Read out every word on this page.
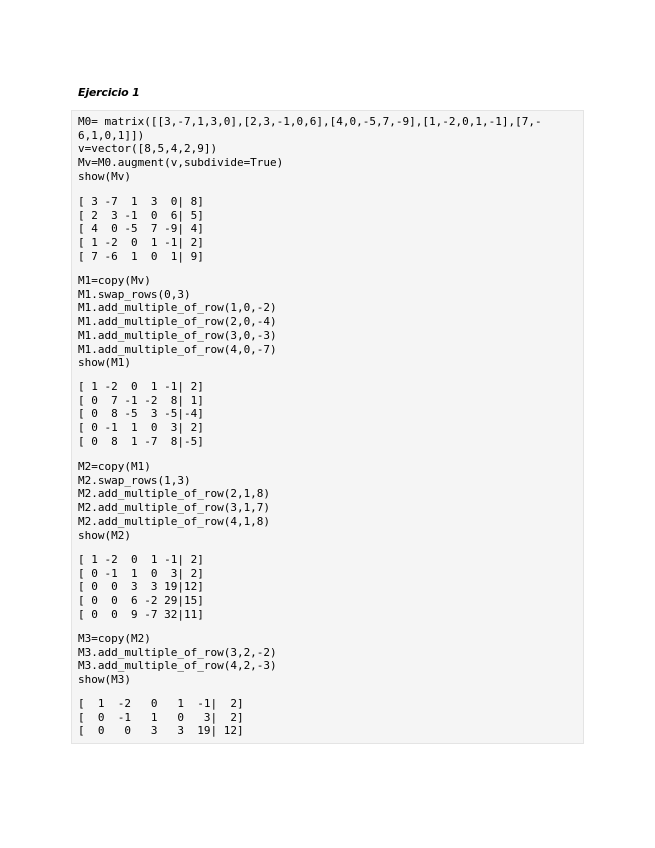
Ejercicio 1
M0= matrix([[3,-7,1,3,0],[2,3,-1,0,6],[4,0,-5,7,-9],[1,-2,0,1,-1],[7,-
6,1,0,1]])
v=vector([8,5,4,2,9])
Mv=M0.augment(v,subdivide=True)
show(Mv)
[ 3 -7  1  3  0| 8]
[ 2  3 -1  0  6| 5]
[ 4  0 -5  7 -9| 4]
[ 1 -2  0  1 -1| 2]
[ 7 -6  1  0  1| 9]
M1=copy(Mv)
M1.swap_rows(0,3)
M1.add_multiple_of_row(1,0,-2)
M1.add_multiple_of_row(2,0,-4)
M1.add_multiple_of_row(3,0,-3)
M1.add_multiple_of_row(4,0,-7)
show(M1)
[ 1 -2  0  1 -1| 2]
[ 0  7 -1 -2  8| 1]
[ 0  8 -5  3 -5|-4]
[ 0 -1  1  0  3| 2]
[ 0  8  1 -7  8|-5]
M2=copy(M1)
M2.swap_rows(1,3)
M2.add_multiple_of_row(2,1,8)
M2.add_multiple_of_row(3,1,7)
M2.add_multiple_of_row(4,1,8)
show(M2)
[ 1 -2  0  1 -1| 2]
[ 0 -1  1  0  3| 2]
[ 0  0  3  3 19|12]
[ 0  0  6 -2 29|15]
[ 0  0  9 -7 32|11]
M3=copy(M2)
M3.add_multiple_of_row(3,2,-2)
M3.add_multiple_of_row(4,2,-3)
show(M3)
[  1  -2   0   1  -1|  2]
[  0  -1   1   0   3|  2]
[  0   0   3   3  19| 12]
